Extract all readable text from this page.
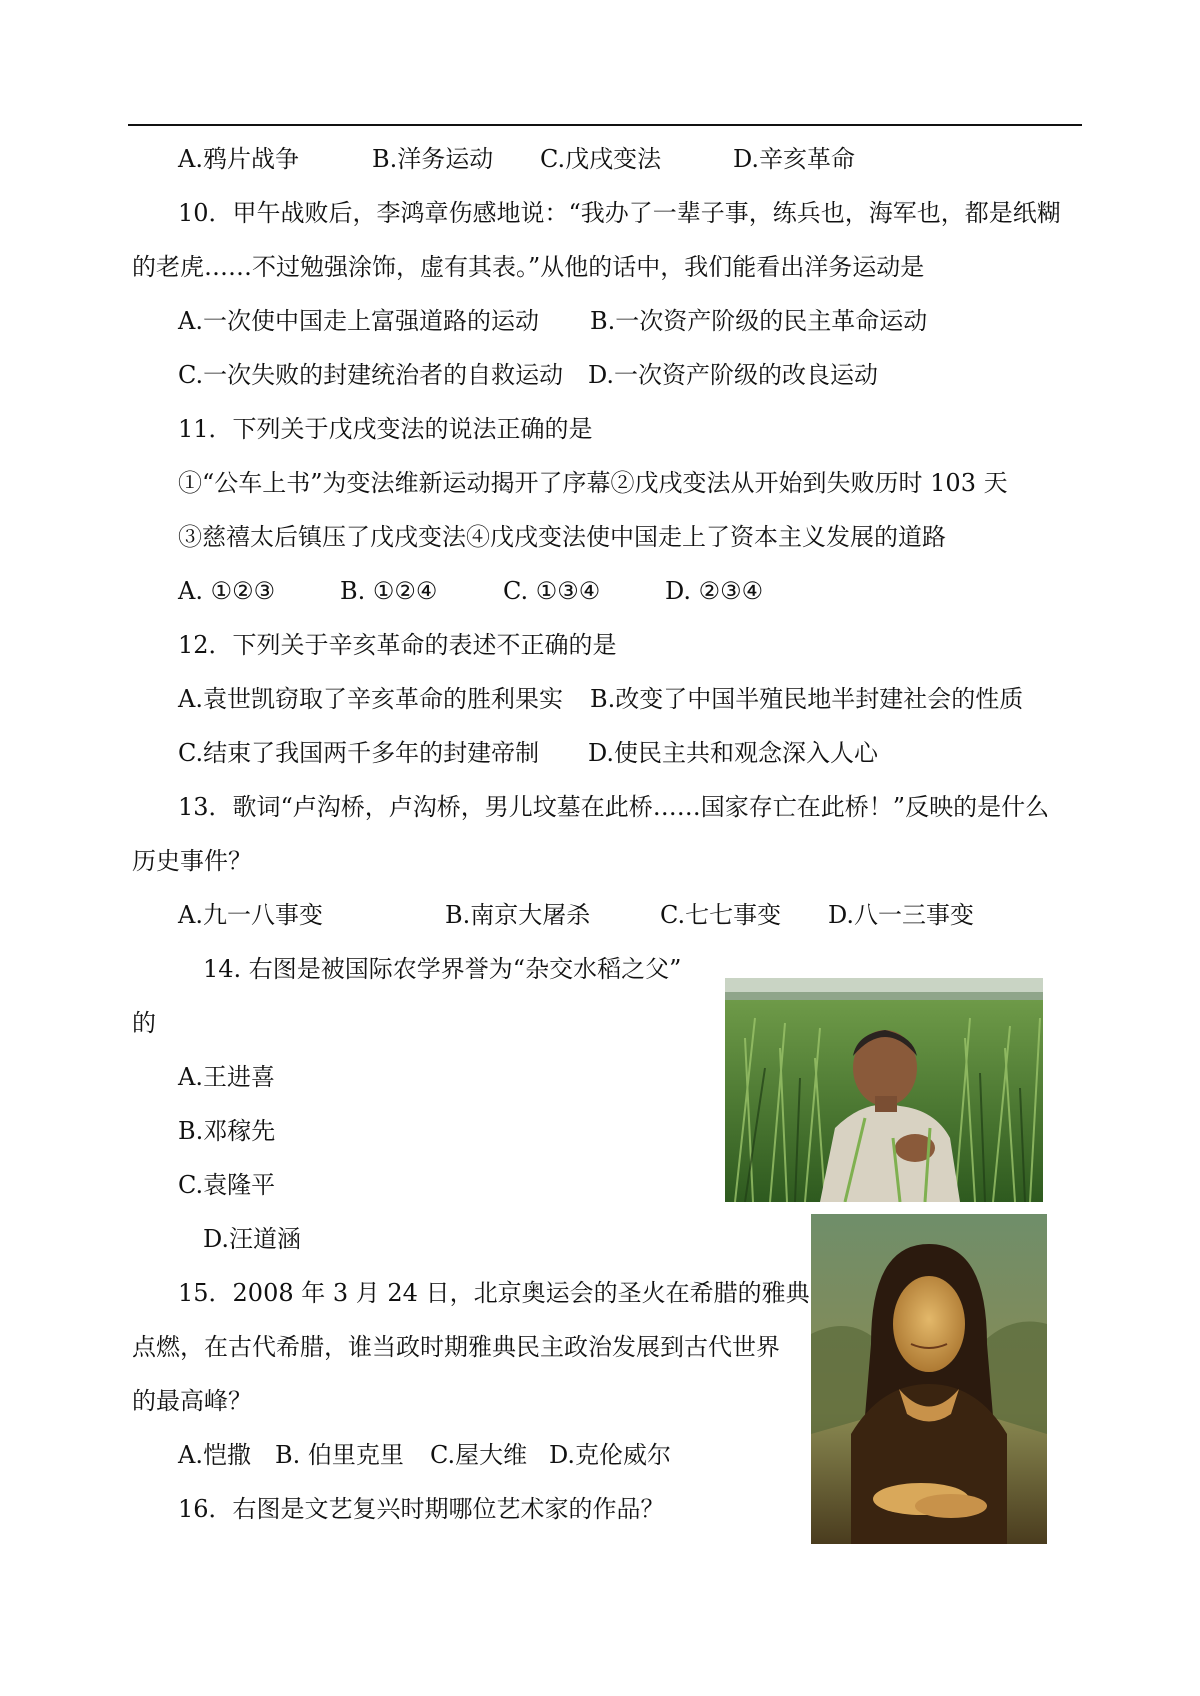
A.鸦片战争	B.洋务运动 C.戊戌变法	D.辛亥革命
10．甲午战败后，李鸿章伤感地说：“我办了一辈子事，练兵也，海军也，都是纸糊
的老虎……不过勉强涂饰，虚有其表。”从他的话中，我们能看出洋务运动是
A.一次使中国走上富强道路的运动 B.一次资产阶级的民主革命运动
C.一次失败的封建统治者的自救运动 D.一次资产阶级的改良运动
11．下列关于戊戌变法的说法正确的是
①“公车上书”为变法维新运动揭开了序幕②戊戌变法从开始到失败历时 103 天
③慈禧太后镇压了戊戌变法④戊戌变法使中国走上了资本主义发展的道路
A. ①②③	B. ①②④	C. ①③④	D. ②③④
12．下列关于辛亥革命的表述不正确的是
A.袁世凯窃取了辛亥革命的胜利果实 B.改变了中国半殖民地半封建社会的性质
C.结束了我国两千多年的封建帝制 D.使民主共和观念深入人心
13．歌词“卢沟桥，卢沟桥，男儿坟墓在此桥……国家存亡在此桥！”反映的是什么
历史事件？
A.九一八事变	B.南京大屠杀	C.七七事变 D.八一三事变
14. 右图是被国际农学界誉为“杂交水稻之父”
的
A.王进喜
B.邓稼先
C.袁隆平
D.汪道涵
15．2008 年 3 月 24 日，北京奥运会的圣火在希腊的雅典
点燃，在古代希腊，谁当政时期雅典民主政治发展到古代世界
的最高峰？
A.恺撒 B. 伯里克里 C.屋大维 D.克伦威尔
16．右图是文艺复兴时期哪位艺术家的作品？
